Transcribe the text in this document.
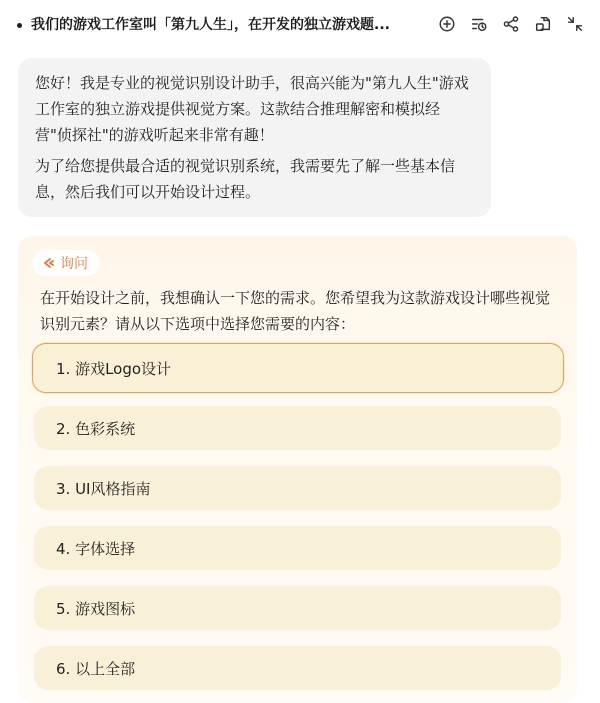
我们的游戏工作室叫「第九人生」，在开发的独立游戏题...

您好！我是专业的视觉识别设计助手，很高兴能为"第九人生"游戏工作室的独立游戏提供视觉方案。这款结合推理解密和模拟经营"侦探社"的游戏听起来非常有趣！

为了给您提供最合适的视觉识别系统，我需要先了解一些基本信息，然后我们可以开始设计过程。

询问

在开始设计之前，我想确认一下您的需求。您希望我为这款游戏设计哪些视觉识别元素？请从以下选项中选择您需要的内容：

1. 游戏Logo设计
2. 色彩系统
3. UI风格指南
4. 字体选择
5. 游戏图标
6. 以上全部
